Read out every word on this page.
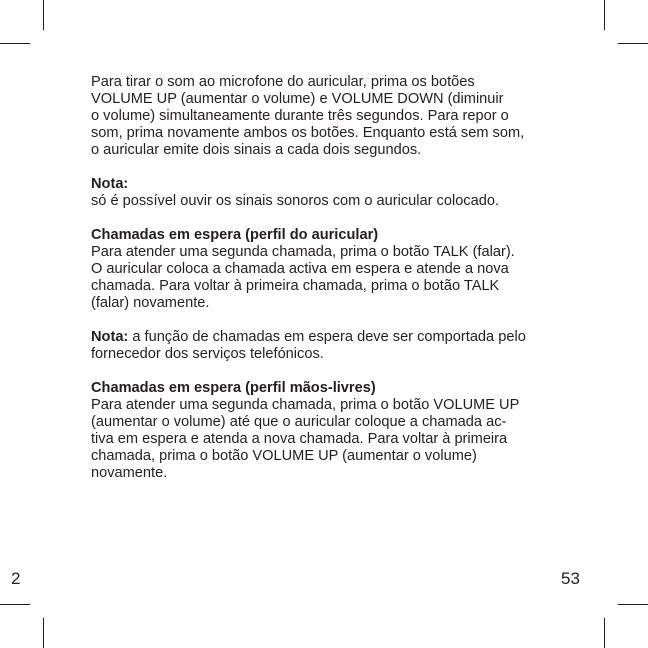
Para tirar o som ao microfone do auricular, prima os botões
VOLUME UP (aumentar o volume) e VOLUME DOWN (diminuir
o volume) simultaneamente durante três segundos. Para repor o
som, prima novamente ambos os botões. Enquanto está sem som,
o auricular emite dois sinais a cada dois segundos.

Nota:
só é possível ouvir os sinais sonoros com o auricular colocado.

Chamadas em espera (perfil do auricular)
Para atender uma segunda chamada, prima o botão TALK (falar).
O auricular coloca a chamada activa em espera e atende a nova
chamada. Para voltar à primeira chamada, prima o botão TALK
(falar) novamente.

Nota: a função de chamadas em espera deve ser comportada pelo
fornecedor dos serviços telefónicos.

Chamadas em espera (perfil mãos-livres)
Para atender uma segunda chamada, prima o botão VOLUME UP
(aumentar o volume) até que o auricular coloque a chamada ac-
tiva em espera e atenda a nova chamada. Para voltar à primeira
chamada, prima o botão VOLUME UP (aumentar o volume)
novamente.

2	53
